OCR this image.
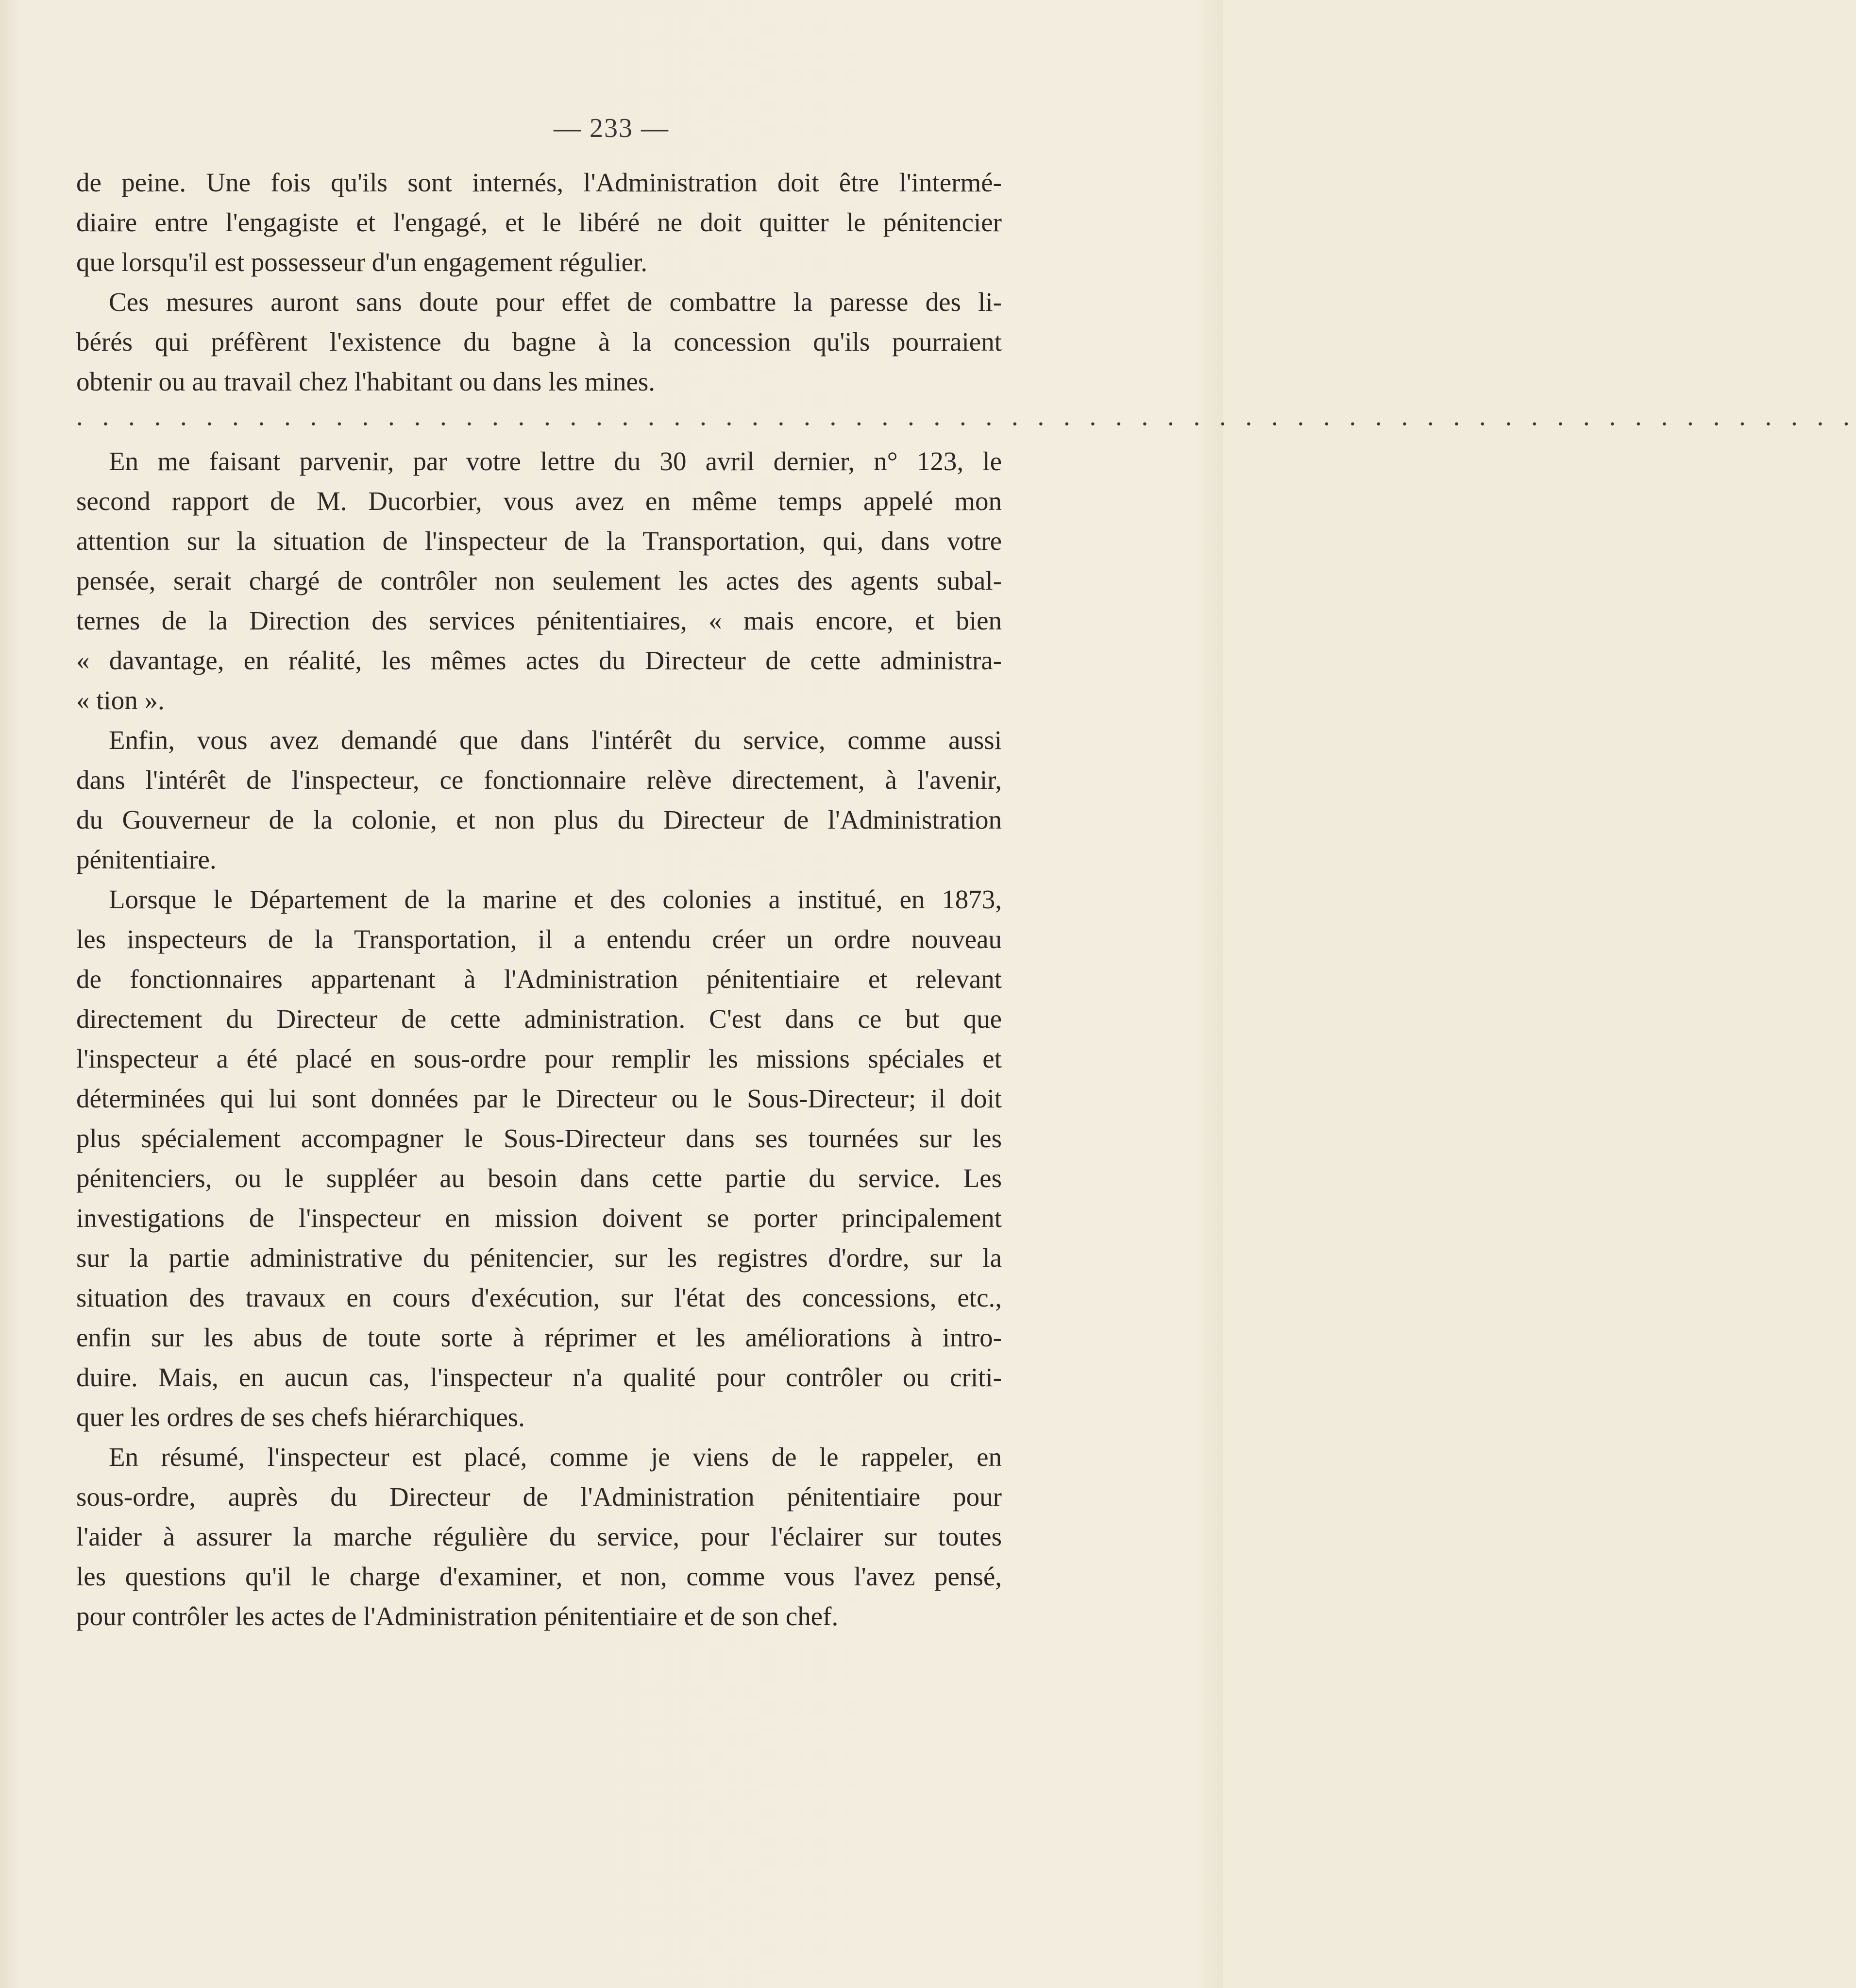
— 233 —
de peine. Une fois qu'ils sont internés, l'Administration doit être l'intermé-
diaire entre l'engagiste et l'engagé, et le libéré ne doit quitter le pénitencier
que lorsqu'il est possesseur d'un engagement régulier.
Ces mesures auront sans doute pour effet de combattre la paresse des li-
bérés qui préfèrent l'existence du bagne à la concession qu'ils pourraient
obtenir ou au travail chez l'habitant ou dans les mines.
. . . . . . . . . . . . . . . . . . . . . . . . . . . . . . . . . . . . . . . . . . . . . . . . . . . . . . . . . . . . . . . . . . . . .
En me faisant parvenir, par votre lettre du 30 avril dernier, n° 123, le
second rapport de M. Ducorbier, vous avez en même temps appelé mon
attention sur la situation de l'inspecteur de la Transportation, qui, dans votre
pensée, serait chargé de contrôler non seulement les actes des agents subal-
ternes de la Direction des services pénitentiaires, « mais encore, et bien
« davantage, en réalité, les mêmes actes du Directeur de cette administra-
« tion ».
Enfin, vous avez demandé que dans l'intérêt du service, comme aussi
dans l'intérêt de l'inspecteur, ce fonctionnaire relève directement, à l'avenir,
du Gouverneur de la colonie, et non plus du Directeur de l'Administration
pénitentiaire.
Lorsque le Département de la marine et des colonies a institué, en 1873,
les inspecteurs de la Transportation, il a entendu créer un ordre nouveau
de fonctionnaires appartenant à l'Administration pénitentiaire et relevant
directement du Directeur de cette administration. C'est dans ce but que
l'inspecteur a été placé en sous-ordre pour remplir les missions spéciales et
déterminées qui lui sont données par le Directeur ou le Sous-Directeur; il doit
plus spécialement accompagner le Sous-Directeur dans ses tournées sur les
pénitenciers, ou le suppléer au besoin dans cette partie du service. Les
investigations de l'inspecteur en mission doivent se porter principalement
sur la partie administrative du pénitencier, sur les registres d'ordre, sur la
situation des travaux en cours d'exécution, sur l'état des concessions, etc.,
enfin sur les abus de toute sorte à réprimer et les améliorations à intro-
duire. Mais, en aucun cas, l'inspecteur n'a qualité pour contrôler ou criti-
quer les ordres de ses chefs hiérarchiques.
En résumé, l'inspecteur est placé, comme je viens de le rappeler, en
sous-ordre, auprès du Directeur de l'Administration pénitentiaire pour
l'aider à assurer la marche régulière du service, pour l'éclairer sur toutes
les questions qu'il le charge d'examiner, et non, comme vous l'avez pensé,
pour contrôler les actes de l'Administration pénitentiaire et de son chef.
